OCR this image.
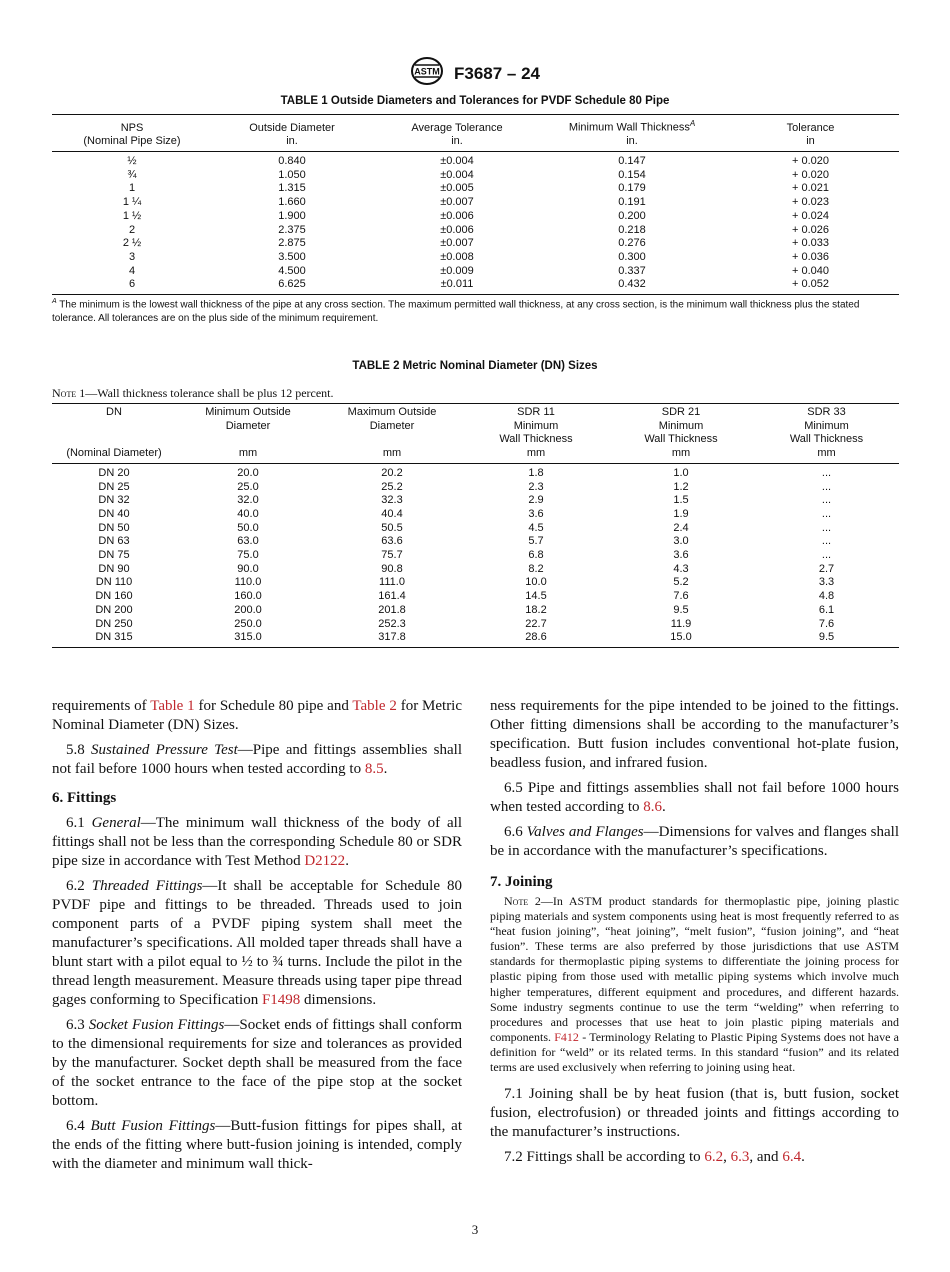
ASTM F3687 – 24
TABLE 1 Outside Diameters and Tolerances for PVDF Schedule 80 Pipe
NPS	Outside Diameter	Average Tolerance	Minimum Wall Thickness$^A$	Tolerance
(Nominal Pipe Size)	in.	in.	in.	in
½	0.840	±0.004	0.147	+ 0.020
¾	1.050	±0.004	0.154	+ 0.020
1	1.315	±0.005	0.179	+ 0.021
1 ¼	1.660	±0.007	0.191	+ 0.023
1 ½	1.900	±0.006	0.200	+ 0.024
2	2.375	±0.006	0.218	+ 0.026
2 ½	2.875	±0.007	0.276	+ 0.033
3	3.500	±0.008	0.300	+ 0.036
4	4.500	±0.009	0.337	+ 0.040
6	6.625	±0.011	0.432	+ 0.052
$^A$ The minimum is the lowest wall thickness of the pipe at any cross section. The maximum permitted wall thickness, at any cross section, is the minimum wall thickness plus the stated tolerance. All tolerances are on the plus side of the minimum requirement.
TABLE 2 Metric Nominal Diameter (DN) Sizes
Note 1—Wall thickness tolerance shall be plus 12 percent.
DN	Minimum Outside	Maximum Outside	SDR 11	SDR 21	SDR 33
	Diameter	Diameter	Minimum	Minimum	Minimum
			Wall Thickness	Wall Thickness	Wall Thickness
(Nominal Diameter)	mm	mm	mm	mm	mm
DN 20	20.0	20.2	1.8	1.0	...
DN 25	25.0	25.2	2.3	1.2	...
DN 32	32.0	32.3	2.9	1.5	...
DN 40	40.0	40.4	3.6	1.9	...
DN 50	50.0	50.5	4.5	2.4	...
DN 63	63.0	63.6	5.7	3.0	...
DN 75	75.0	75.7	6.8	3.6	...
DN 90	90.0	90.8	8.2	4.3	2.7
DN 110	110.0	111.0	10.0	5.2	3.3
DN 160	160.0	161.4	14.5	7.6	4.8
DN 200	200.0	201.8	18.2	9.5	6.1
DN 250	250.0	252.3	22.7	11.9	7.6
DN 315	315.0	317.8	28.6	15.0	9.5

requirements of Table 1 for Schedule 80 pipe and Table 2 for Metric Nominal Diameter (DN) Sizes.

5.8 Sustained Pressure Test—Pipe and fittings assemblies shall not fail before 1000 hours when tested according to 8.5.

6. Fittings

6.1 General—The minimum wall thickness of the body of all fittings shall not be less than the corresponding Schedule 80 or SDR pipe size in accordance with Test Method D2122.

6.2 Threaded Fittings—It shall be acceptable for Schedule 80 PVDF pipe and fittings to be threaded. Threads used to join component parts of a PVDF piping system shall meet the manufacturer’s specifications. All molded taper threads shall have a blunt start with a pilot equal to ½ to ¾ turns. Include the pilot in the thread length measurement. Measure threads using taper pipe thread gages conforming to Specification F1498 dimensions.

6.3 Socket Fusion Fittings—Socket ends of fittings shall conform to the dimensional requirements for size and tolerances as provided by the manufacturer. Socket depth shall be measured from the face of the socket entrance to the face of the pipe stop at the socket bottom.

6.4 Butt Fusion Fittings—Butt-fusion fittings for pipes shall, at the ends of the fitting where butt-fusion joining is intended, comply with the diameter and minimum wall thick-

ness requirements for the pipe intended to be joined to the fittings. Other fitting dimensions shall be according to the manufacturer’s specification. Butt fusion includes conventional hot-plate fusion, beadless fusion, and infrared fusion.

6.5 Pipe and fittings assemblies shall not fail before 1000 hours when tested according to 8.6.

6.6 Valves and Flanges—Dimensions for valves and flanges shall be in accordance with the manufacturer’s specifications.

7. Joining

Note 2—In ASTM product standards for thermoplastic pipe, joining plastic piping materials and system components using heat is most frequently referred to as “heat fusion joining”, “heat joining”, “melt fusion”, “fusion joining”, and “heat fusion”. These terms are also preferred by those jurisdictions that use ASTM standards for thermoplastic piping systems to differentiate the joining process for plastic piping from those used with metallic piping systems which involve much higher temperatures, different equipment and procedures, and different hazards. Some industry segments continue to use the term “welding” when referring to procedures and processes that use heat to join plastic piping materials and components. F412 - Terminology Relating to Plastic Piping Systems does not have a definition for “weld” or its related terms. In this standard “fusion” and its related terms are used exclusively when referring to joining using heat.

7.1 Joining shall be by heat fusion (that is, butt fusion, socket fusion, electrofusion) or threaded joints and fittings according to the manufacturer’s instructions.

7.2 Fittings shall be according to 6.2, 6.3, and 6.4.

3
